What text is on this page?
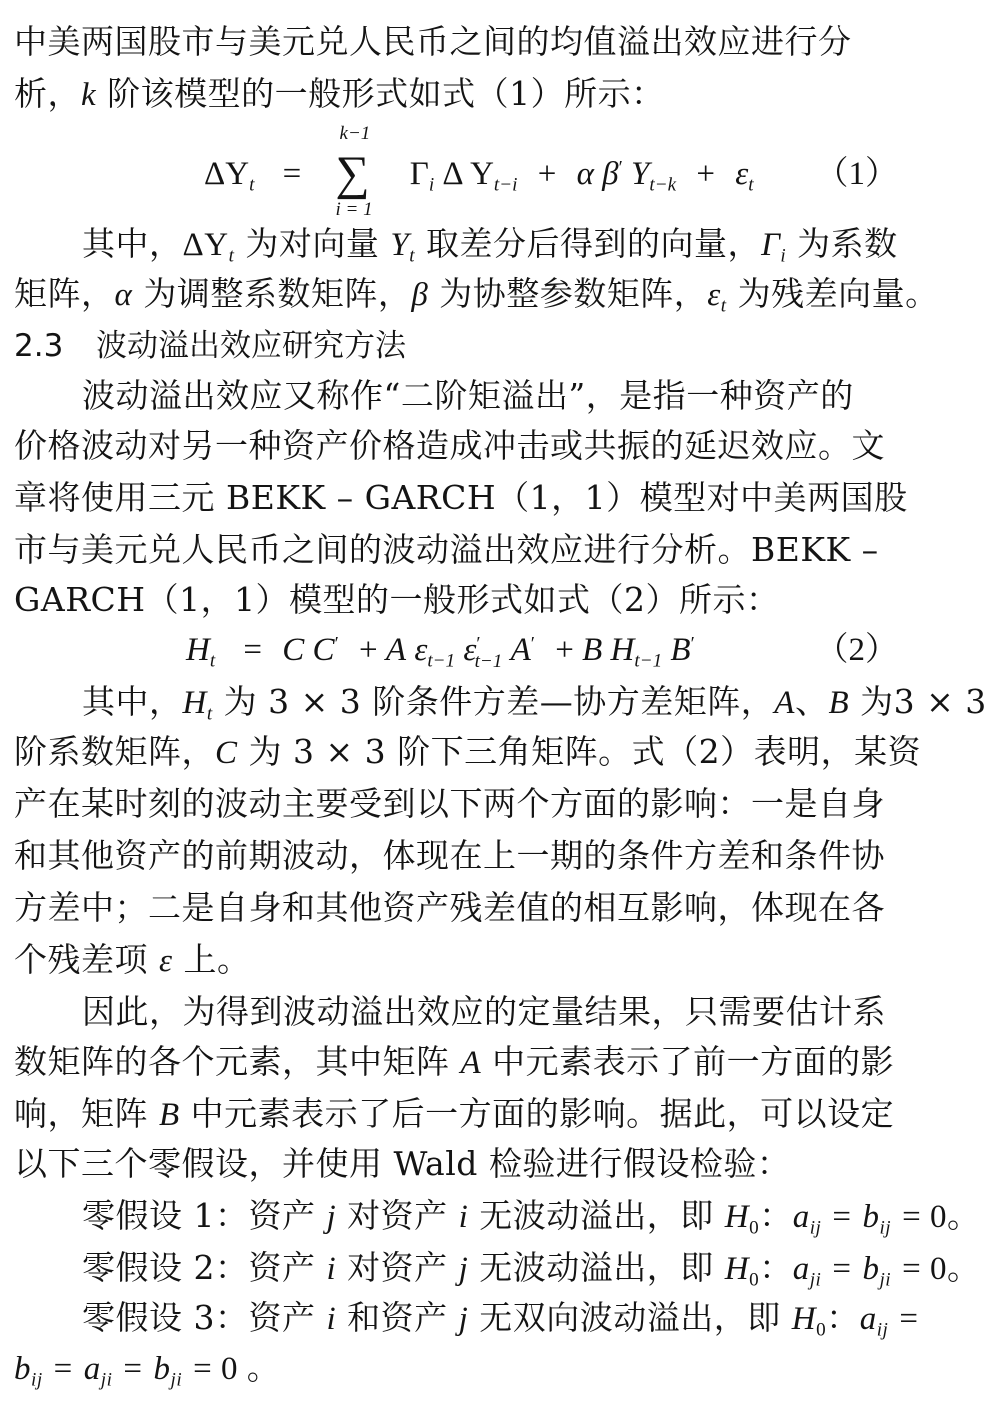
中美两国股市与美元兑人民币之间的均值溢出效应进行分
析，k 阶该模型的一般形式如式（1）所示：
$\Delta Y_t$ =
k−1
∑
i = 1
$\Gamma_i$ Δ $Y_{t-i} + \alpha$ $\beta^ʹ$ $Y_{t-k} + \varepsilon_t$ （1）
其中，$\Delta Y_t$ 为对向量 $Y_t$ 取差分后得到的向量，$\Gamma_i$ 为系数
矩阵，α 为调整系数矩阵，β 为协整参数矩阵，$\varepsilon_t$ 为残差向量。
2.3 波动溢出效应研究方法
波动溢出效应又称作“二阶矩溢出”，是指一种资产的
价格波动对另一种资产价格造成冲击或共振的延迟效应。文
章将使用三元 BEKK – GARCH（1，1）模型对中美两国股
市与美元兑人民币之间的波动溢出效应进行分析。BEKK –
GARCH（1，1）模型的一般形式如式（2）所示：
$H_t = C$ $C^ʹ + A$ $\varepsilon_{t-1}$ $\varepsilon^ʹ_{t-1}$ $A^ʹ + B$ $H_{t-1}$ $B^ʹ$	（2）
其中，$H_t$ 为 3 × 3 阶条件方差—协方差矩阵，A、B 为3 × 3
阶系数矩阵，C 为 3 × 3 阶下三角矩阵。式（2）表明，某资
产在某时刻的波动主要受到以下两个方面的影响：一是自身
和其他资产的前期波动，体现在上一期的条件方差和条件协
方差中；二是自身和其他资产残差值的相互影响，体现在各
个残差项 ε 上。
因此，为得到波动溢出效应的定量结果，只需要估计系
数矩阵的各个元素，其中矩阵 A 中元素表示了前一方面的影
响，矩阵 B 中元素表示了后一方面的影响。据此，可以设定
以下三个零假设，并使用 Wald 检验进行假设检验：
零假设 1：资产 j 对资产 i 无波动溢出，即 $H_0$：$a_{ij} = b_{ij} = 0$。
零假设 2：资产 i 对资产 j 无波动溢出，即 $H_0$：$a_{ji} = b_{ji} = 0$。
零假设 3：资产 i 和资产 j 无双向波动溢出，即 $H_0$：$a_{ij}$ =
$b_{ij} = a_{ji} = b_{ji} = 0$ 。
